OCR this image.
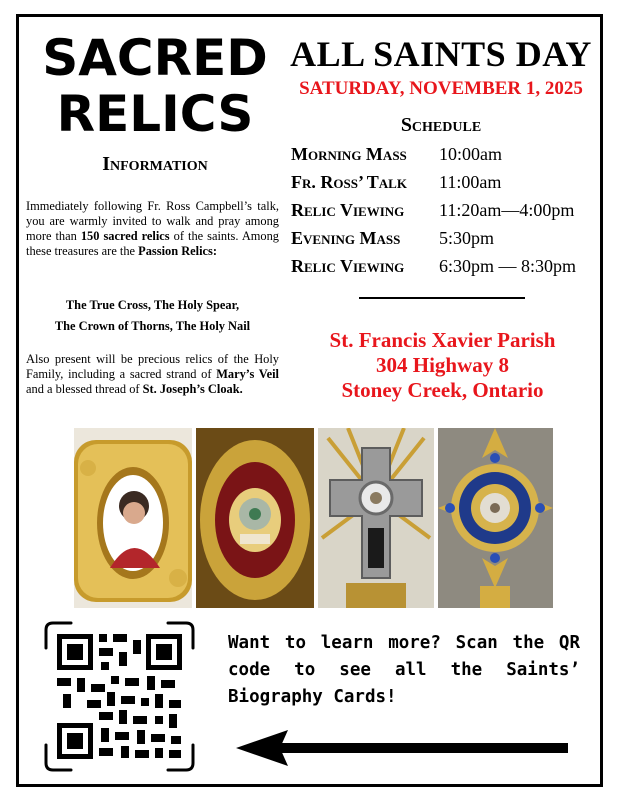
SACRED
RELICS
Information
Immediately following Fr. Ross Campbell’s talk, you are warmly invited to walk and pray among more than 150 sacred relics of the saints. Among these treasures are the Passion Relics:
The True Cross, The Holy Spear,
The Crown of Thorns, The Holy Nail
Also present will be precious relics of the Holy Family, including a sacred strand of Mary’s Veil and a blessed thread of St. Joseph’s Cloak.
ALL SAINTS DAY
SATURDAY, NOVEMBER 1, 2025
Schedule
Morning Mass 10:00am
Fr. Ross’ Talk 11:00am
Relic Viewing 11:20am—4:00pm
Evening Mass 5:30pm
Relic Viewing 6:30pm — 8:30pm
St. Francis Xavier Parish
304 Highway 8
Stoney Creek, Ontario
CARLO
Want to learn more? Scan the QR code to see all the Saints’ Biography Cards!
